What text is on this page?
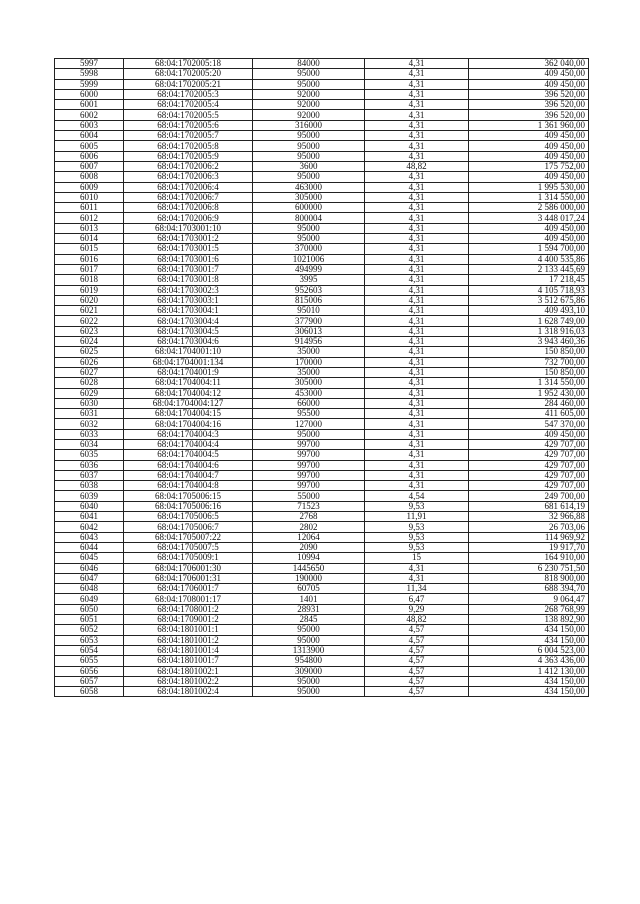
5997	68:04:1702005:18	84000	4,31	362 040,00
5998	68:04:1702005:20	95000	4,31	409 450,00
5999	68:04:1702005:21	95000	4,31	409 450,00
6000	68:04:1702005:3	92000	4,31	396 520,00
6001	68:04:1702005:4	92000	4,31	396 520,00
6002	68:04:1702005:5	92000	4,31	396 520,00
6003	68:04:1702005:6	316000	4,31	1 361 960,00
6004	68:04:1702005:7	95000	4,31	409 450,00
6005	68:04:1702005:8	95000	4,31	409 450,00
6006	68:04:1702005:9	95000	4,31	409 450,00
6007	68:04:1702006:2	3600	48,82	175 752,00
6008	68:04:1702006:3	95000	4,31	409 450,00
6009	68:04:1702006:4	463000	4,31	1 995 530,00
6010	68:04:1702006:7	305000	4,31	1 314 550,00
6011	68:04:1702006:8	600000	4,31	2 586 000,00
6012	68:04:1702006:9	800004	4,31	3 448 017,24
6013	68:04:1703001:10	95000	4,31	409 450,00
6014	68:04:1703001:2	95000	4,31	409 450,00
6015	68:04:1703001:5	370000	4,31	1 594 700,00
6016	68:04:1703001:6	1021006	4,31	4 400 535,86
6017	68:04:1703001:7	494999	4,31	2 133 445,69
6018	68:04:1703001:8	3995	4,31	17 218,45
6019	68:04:1703002:3	952603	4,31	4 105 718,93
6020	68:04:1703003:1	815006	4,31	3 512 675,86
6021	68:04:1703004:1	95010	4,31	409 493,10
6022	68:04:1703004:4	377900	4,31	1 628 749,00
6023	68:04:1703004:5	306013	4,31	1 318 916,03
6024	68:04:1703004:6	914956	4,31	3 943 460,36
6025	68:04:1704001:10	35000	4,31	150 850,00
6026	68:04:1704001:134	170000	4,31	732 700,00
6027	68:04:1704001:9	35000	4,31	150 850,00
6028	68:04:1704004:11	305000	4,31	1 314 550,00
6029	68:04:1704004:12	453000	4,31	1 952 430,00
6030	68:04:1704004:127	66000	4,31	284 460,00
6031	68:04:1704004:15	95500	4,31	411 605,00
6032	68:04:1704004:16	127000	4,31	547 370,00
6033	68:04:1704004:3	95000	4,31	409 450,00
6034	68:04:1704004:4	99700	4,31	429 707,00
6035	68:04:1704004:5	99700	4,31	429 707,00
6036	68:04:1704004:6	99700	4,31	429 707,00
6037	68:04:1704004:7	99700	4,31	429 707,00
6038	68:04:1704004:8	99700	4,31	429 707,00
6039	68:04:1705006:15	55000	4,54	249 700,00
6040	68:04:1705006:16	71523	9,53	681 614,19
6041	68:04:1705006:5	2768	11,91	32 966,88
6042	68:04:1705006:7	2802	9,53	26 703,06
6043	68:04:1705007:22	12064	9,53	114 969,92
6044	68:04:1705007:5	2090	9,53	19 917,70
6045	68:04:1705009:1	10994	15	164 910,00
6046	68:04:1706001:30	1445650	4,31	6 230 751,50
6047	68:04:1706001:31	190000	4,31	818 900,00
6048	68:04:1706001:7	60705	11,34	688 394,70
6049	68:04:1708001:17	1401	6,47	9 064,47
6050	68:04:1708001:2	28931	9,29	268 768,99
6051	68:04:1709001:2	2845	48,82	138 892,90
6052	68:04:1801001:1	95000	4,57	434 150,00
6053	68:04:1801001:2	95000	4,57	434 150,00
6054	68:04:1801001:4	1313900	4,57	6 004 523,00
6055	68:04:1801001:7	954800	4,57	4 363 436,00
6056	68:04:1801002:1	309000	4,57	1 412 130,00
6057	68:04:1801002:2	95000	4,57	434 150,00
6058	68:04:1801002:4	95000	4,57	434 150,00
